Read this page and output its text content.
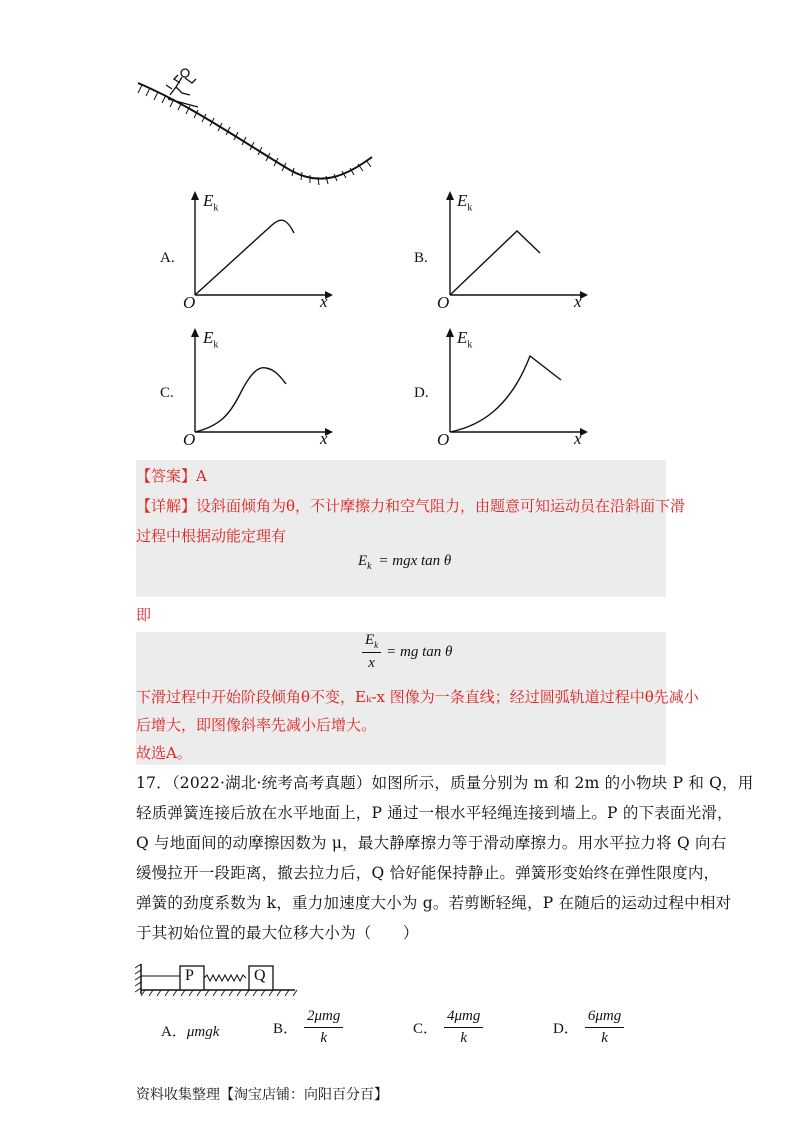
A.
$E_k$
O	x
B.
$E_k$
O	x
C.
$E_k$
O	x
D.
$E_k$
O	x
【答案】A
【详解】设斜面倾角为θ，不计摩擦力和空气阻力，由题意可知运动员在沿斜面下滑
过程中根据动能定理有
$E_k$ = mgx tan θ
即
$\frac{E_k}{x}$ = mg tan θ
下滑过程中开始阶段倾角θ不变，Eₖ-x 图像为一条直线；经过圆弧轨道过程中θ先减小
后增大，即图像斜率先减小后增大。
故选A。
17．（2022·湖北·统考高考真题）如图所示，质量分别为 m 和 2m 的小物块 P 和 Q，用
轻质弹簧连接后放在水平地面上，P 通过一根水平轻绳连接到墙上。P 的下表面光滑，
Q 与地面间的动摩擦因数为 μ，最大静摩擦力等于滑动摩擦力。用水平拉力将 Q 向右
缓慢拉开一段距离，撤去拉力后，Q 恰好能保持静止。弹簧形变始终在弹性限度内，
弹簧的劲度系数为 k，重力加速度大小为 g。若剪断轻绳，P 在随后的运动过程中相对
于其初始位置的最大位移大小为（　　）
P	Q
A．μmgk	B． $\frac{\text{2μmg}}{k}$	C． $\frac{\text{4μmg}}{k}$	D． $\frac{\text{6μmg}}{k}$
资料收集整理【淘宝店铺：向阳百分百】
